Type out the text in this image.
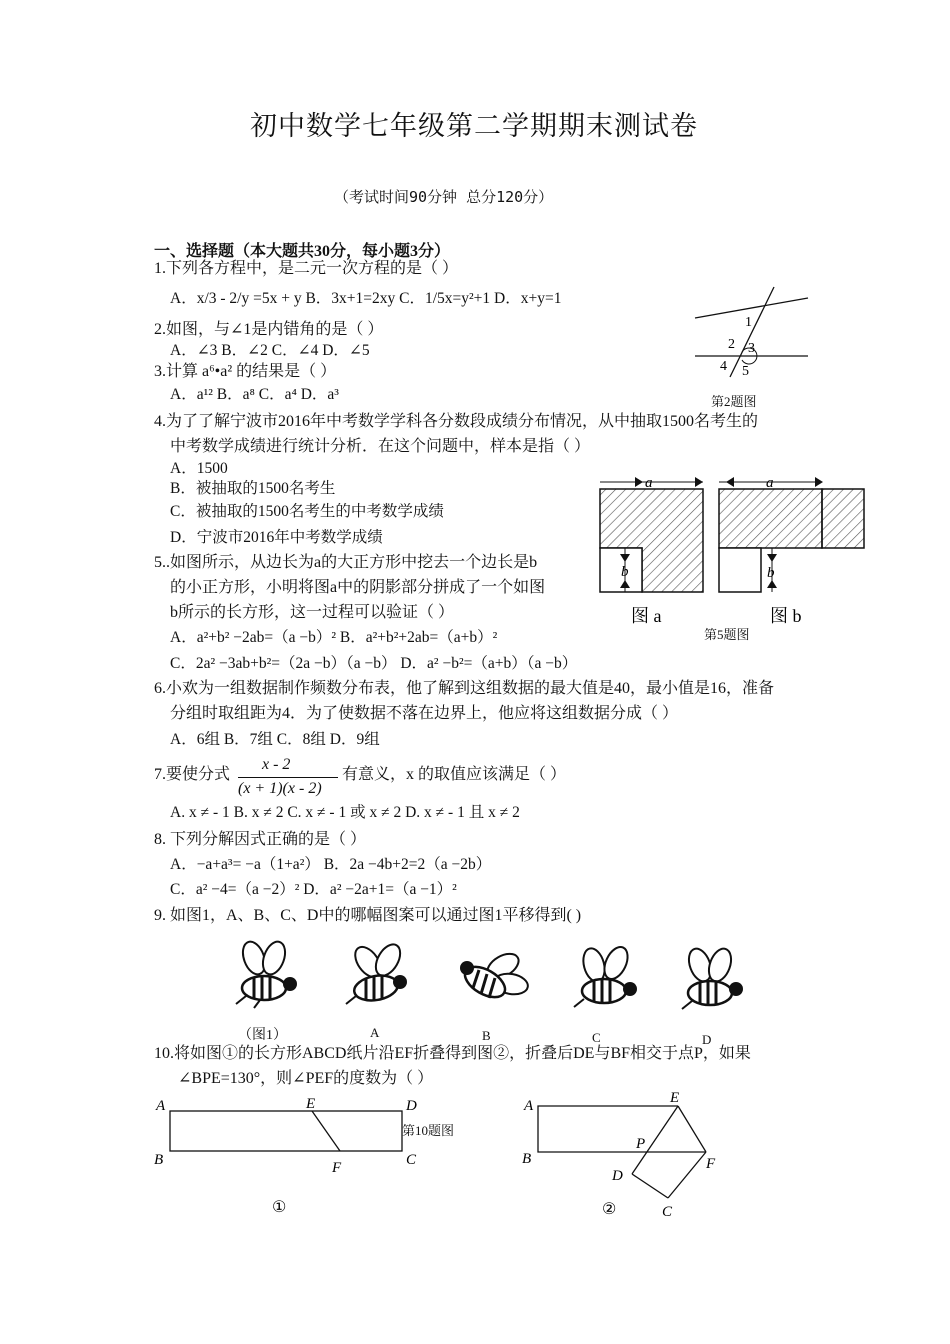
初中数学七年级第二学期期末测试卷
（考试时间90分钟 总分120分）
一、选择题（本大题共30分，每小题3分）
1.下列各方程中，是二元一次方程的是（ ）
A．x/3 - 2/y =5x + y B．3x+1=2xy C．1/5x=y²+1 D．x+y=1
2.如图，与∠1是内错角的是（ ）
A．∠3 B．∠2 C．∠4 D．∠5
1
2 3
4 5
第2题图
3.计算 a⁶•a² 的结果是（ ）
A．a¹² B．a⁸ C．a⁴ D．a³
4.为了了解宁波市2016年中考数学学科各分数段成绩分布情况，从中抽取1500名考生的
中考数学成绩进行统计分析．在这个问题中，样本是指（ ）
A．1500
B．被抽取的1500名考生
C．被抽取的1500名考生的中考数学成绩
D．宁波市2016年中考数学成绩
a
b
a
b
图 a	图 b
第5题图
5..如图所示，从边长为a的大正方形中挖去一个边长是b
的小正方形，小明将图a中的阴影部分拼成了一个如图
b所示的长方形，这一过程可以验证（ ）
A．a²+b² −2ab=（a −b）² B．a²+b²+2ab=（a+b）²
C．2a² −3ab+b²=（2a −b）（a −b） D．a² −b²=（a+b）（a −b）
6.小欢为一组数据制作频数分布表，他了解到这组数据的最大值是40，最小值是16，准备
分组时取组距为4．为了使数据不落在边界上，他应将这组数据分成（ ）
A．6组 B．7组 C．8组 D．9组
7.要使分式
x - 2
(x + 1)(x - 2)
有意义，x 的取值应该满足（ ）
A. x ≠ - 1 B. x ≠ 2 C. x ≠ - 1 或 x ≠ 2 D. x ≠ - 1 且 x ≠ 2
8. 下列分解因式正确的是（ ）
A．−a+a³= −a（1+a²） B．2a −4b+2=2（a −2b）
C．a² −4=（a −2）² D．a² −2a+1=（a −1）²
9. 如图1，A、B、C、D中的哪幅图案可以通过图1平移得到( )
（图1）	A	B	C	D
10.将如图①的长方形ABCD纸片沿EF折叠得到图②，折叠后DE与BF相交于点P，如果
∠BPE=130°，则∠PEF的度数为（ ）
A	E	D
B	F	C
①
第10题图
A	E
P
B	F
D
C
②
